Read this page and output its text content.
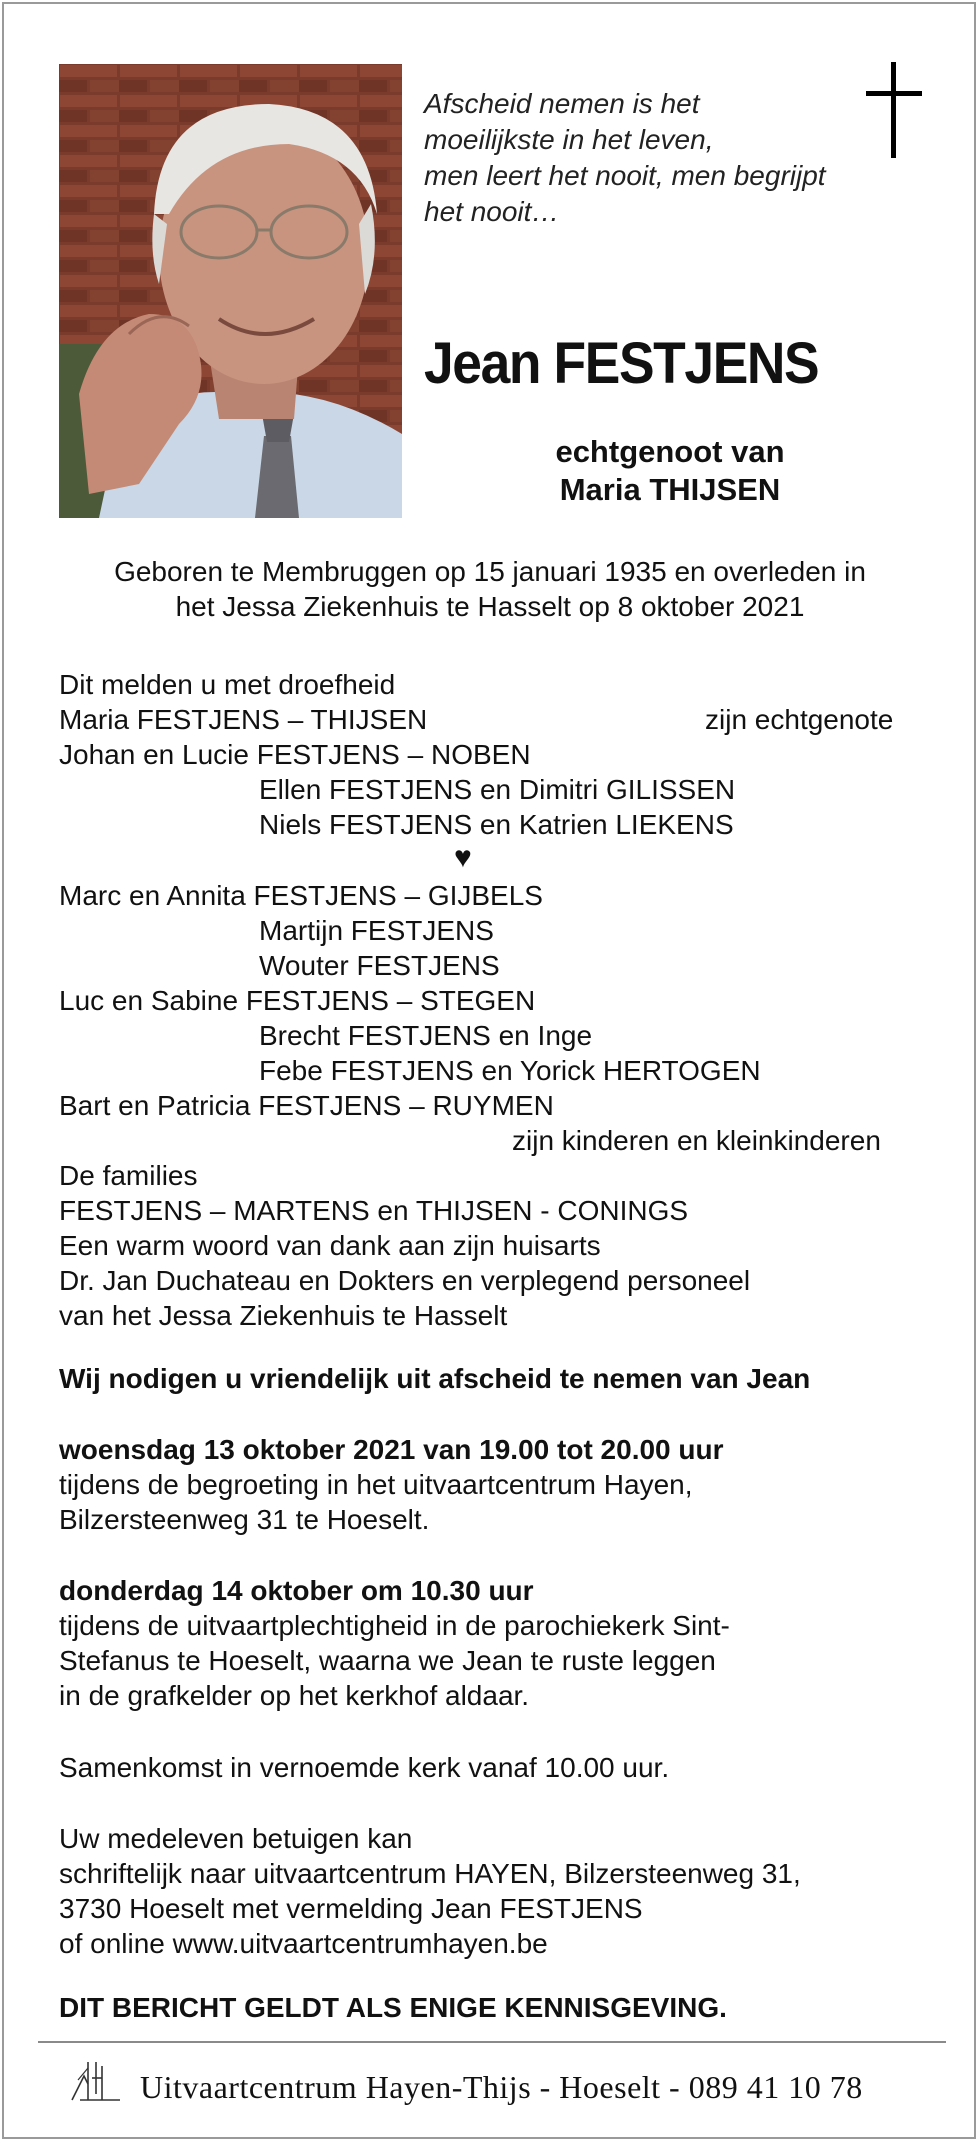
Afscheid nemen is het
moeilijkste in het leven,
men leert het nooit, men begrijpt
het nooit…
Jean FESTJENS
echtgenoot van
Maria THIJSEN
Geboren te Membruggen op 15 januari 1935 en overleden in
het Jessa Ziekenhuis te Hasselt op 8 oktober 2021
Dit melden u met droefheid
Maria FESTJENS – THIJSEN	zijn echtgenote
Johan en Lucie FESTJENS – NOBEN
Ellen FESTJENS en Dimitri GILISSEN
Niels FESTJENS en Katrien LIEKENS
♥
Marc en Annita FESTJENS – GIJBELS
Martijn FESTJENS
Wouter FESTJENS
Luc en Sabine FESTJENS – STEGEN
Brecht FESTJENS en Inge
Febe FESTJENS en Yorick HERTOGEN
Bart en Patricia FESTJENS – RUYMEN
zijn kinderen en kleinkinderen
De families
FESTJENS – MARTENS en THIJSEN - CONINGS
Een warm woord van dank aan zijn huisarts
Dr. Jan Duchateau en Dokters en verplegend personeel
van het Jessa Ziekenhuis te Hasselt
Wij nodigen u vriendelijk uit afscheid te nemen van Jean
woensdag 13 oktober 2021 van 19.00 tot 20.00 uur
tijdens de begroeting in het uitvaartcentrum Hayen,
Bilzersteenweg 31 te Hoeselt.
donderdag 14 oktober om 10.30 uur
tijdens de uitvaartplechtigheid in de parochiekerk Sint-
Stefanus te Hoeselt, waarna we Jean te ruste leggen
in de grafkelder op het kerkhof aldaar.
Samenkomst in vernoemde kerk vanaf 10.00 uur.
Uw medeleven betuigen kan
schriftelijk naar uitvaartcentrum HAYEN, Bilzersteenweg 31,
3730 Hoeselt met vermelding Jean FESTJENS
of online www.uitvaartcentrumhayen.be
DIT BERICHT GELDT ALS ENIGE KENNISGEVING.
Uitvaartcentrum Hayen-Thijs - Hoeselt - 089 41 10 78
